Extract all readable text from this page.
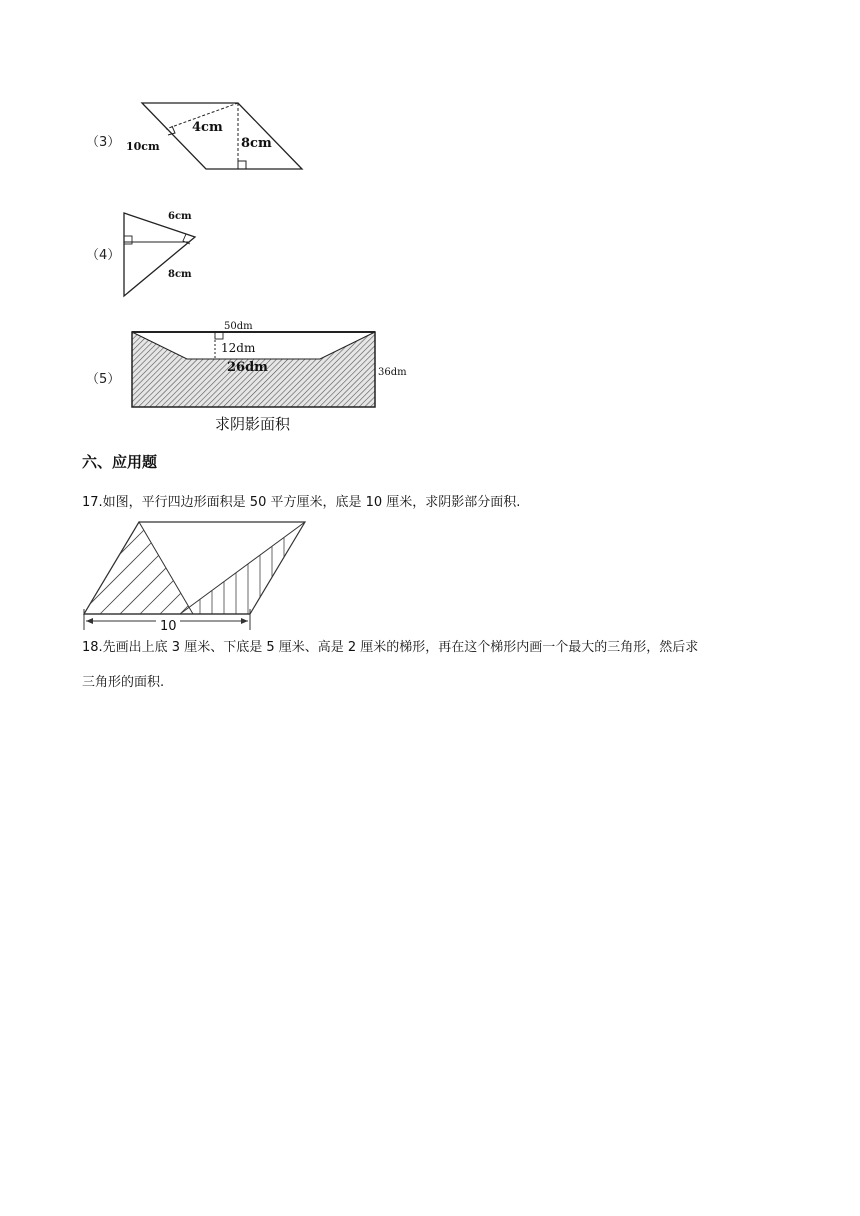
（3）
4cm
8cm
10cm
（4）
6cm
8cm
（5）
50dm
12dm
26dm	36dm
求阴影面积
六、应用题
17.如图，平行四边形面积是 50 平方厘米，底是 10 厘米，求阴影部分面积.
10
18.先画出上底 3 厘米、下底是 5 厘米、高是 2 厘米的梯形，再在这个梯形内画一个最大的三角形，然后求
三角形的面积.
